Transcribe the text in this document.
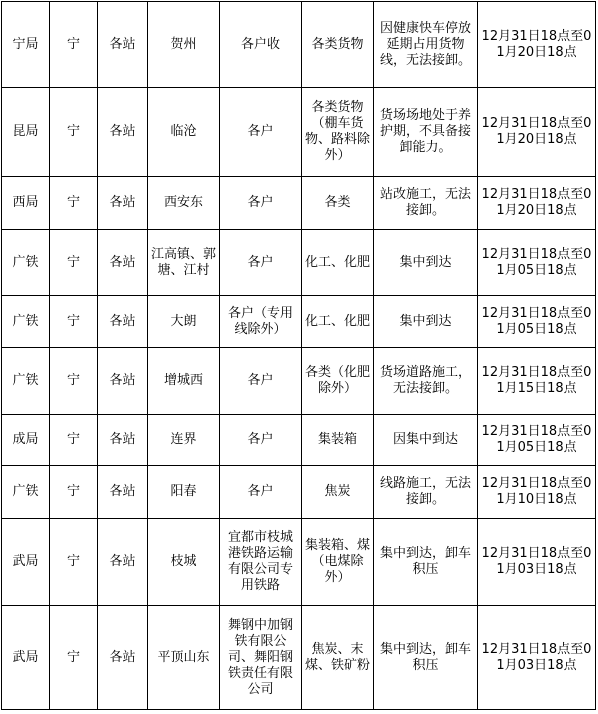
宁局	宁	各站	贺州	各户收	各类货物	因健康快车停放延期占用货物线，无法接卸。	12月31日18点至01月20日18点
昆局	宁	各站	临沧	各户	各类货物（棚车货物、路料除外）	货场场地处于养护期，不具备接卸能力。	12月31日18点至01月20日18点
西局	宁	各站	西安东	各户	各类	站改施工，无法接卸。	12月31日18点至01月20日18点
广铁	宁	各站	江高镇、郭塘、江村	各户	化工、化肥	集中到达	12月31日18点至01月05日18点
广铁	宁	各站	大朗	各户（专用线除外）	化工、化肥	集中到达	12月31日18点至01月05日18点
广铁	宁	各站	增城西	各户	各类（化肥除外）	货场道路施工，无法接卸。	12月31日18点至01月15日18点
成局	宁	各站	连界	各户	集装箱	因集中到达	12月31日18点至01月05日18点
广铁	宁	各站	阳春	各户	焦炭	线路施工，无法接卸。	12月31日18点至01月10日18点
武局	宁	各站	枝城	宜都市枝城港铁路运输有限公司专用铁路	集装箱、煤（电煤除外）	集中到达，卸车积压	12月31日18点至01月03日18点
武局	宁	各站	平顶山东	舞钢中加钢铁有限公司、舞阳钢铁责任有限公司	焦炭、末煤、铁矿粉	集中到达，卸车积压	12月31日18点至01月03日18点
